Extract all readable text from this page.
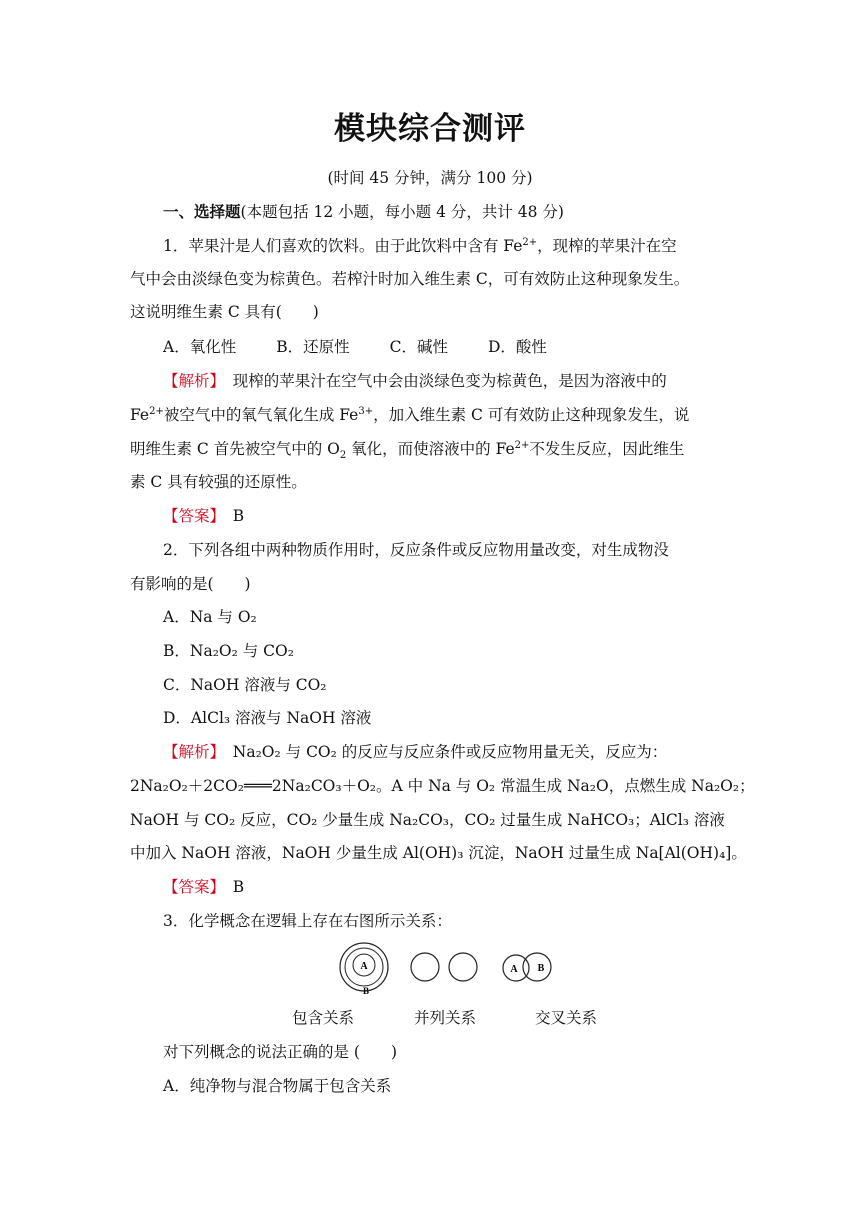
模块综合测评
(时间 45 分钟，满分 100 分)
一、选择题(本题包括 12 小题，每小题 4 分，共计 48 分)
1．苹果汁是人们喜欢的饮料。由于此饮料中含有 $Fe^{2+}$，现榨的苹果汁在空
气中会由淡绿色变为棕黄色。若榨汁时加入维生素 C，可有效防止这种现象发生。
这说明维生素 C 具有(　　)
A．氧化性	B．还原性	C．碱性	D．酸性
【解析】　 现榨的苹果汁在空气中会由淡绿色变为棕黄色，是因为溶液中的
$Fe^{2+}$被空气中的氧气氧化生成 $Fe^{3+}$，加入维生素 C 可有效防止这种现象发生，说
明维生素 C 首先被空气中的 $O_2$ 氧化，而使溶液中的 $Fe^{2+}$不发生反应，因此维生
素 C 具有较强的还原性。
【答案】　 B
2．下列各组中两种物质作用时，反应条件或反应物用量改变，对生成物没
有影响的是(　　)
A．Na 与 O₂
B．Na₂O₂ 与 CO₂
C．NaOH 溶液与 CO₂
D．AlCl₃ 溶液与 NaOH 溶液
【解析】　 Na₂O₂ 与 CO₂ 的反应与反应条件或反应物用量无关，反应为：
2Na₂O₂＋2CO₂═══2Na₂CO₃＋O₂。A 中 Na 与 O₂ 常温生成 Na₂O，点燃生成 Na₂O₂；
NaOH 与 CO₂ 反应，CO₂ 少量生成 Na₂CO₃，CO₂ 过量生成 NaHCO₃；AlCl₃ 溶液
中加入 NaOH 溶液，NaOH 少量生成 Al(OH)₃ 沉淀，NaOH 过量生成 Na[Al(OH)₄]。
【答案】　 B
3．化学概念在逻辑上存在右图所示关系：
A
B
A B
包含关系	并列关系	交叉关系
对下列概念的说法正确的是 (　　)
A．纯净物与混合物属于包含关系
